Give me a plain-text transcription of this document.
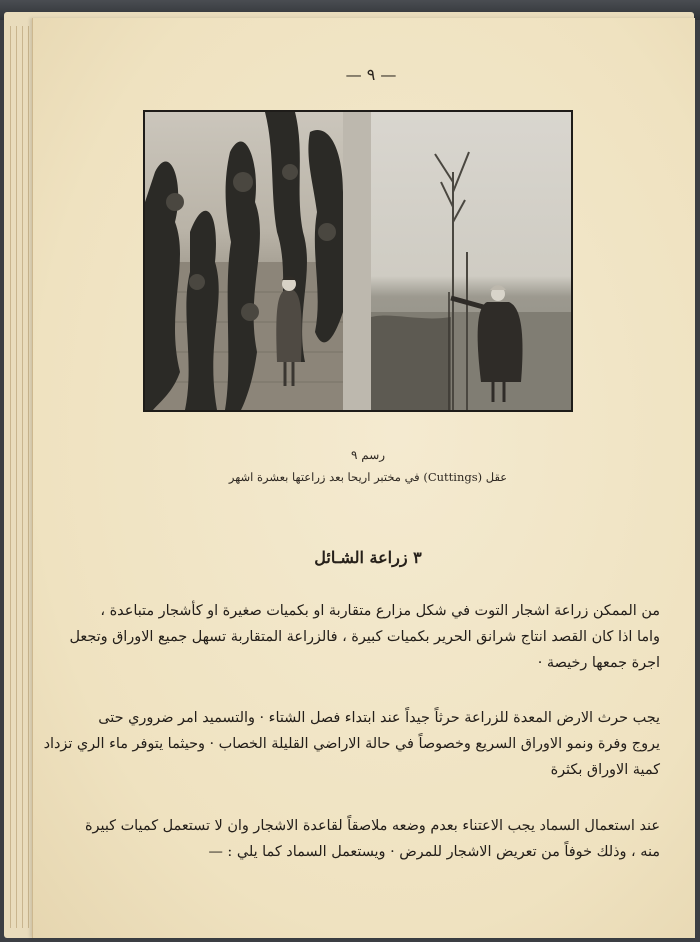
— ٩ —
رسم ٩
عقل (Cuttings) في مختبر اريحا بعد زراعتها بعشرة اشهر
٣ زراعة الشـائل
من الممكن زراعة اشجار التوت في شكل مزارع متقاربة او بكميات صغيرة او كأشجار متباعدة ،
واما اذا كان القصد انتاج شرانق الحرير بكميات كبيرة ، فالزراعة المتقاربة تسهل جميع الاوراق وتجعل
اجرة جمعها رخيصة ·
يجب حرث الارض المعدة للزراعة حرثاً جيداً عند ابتداء فصل الشتاء · والتسميد امر ضروري حتى
يروج وفرة ونمو الاوراق السريع وخصوصاً في حالة الاراضي القليلة الخصاب · وحيثما يتوفر ماء الري تزداد
كمية الاوراق بكثرة
عند استعمال السماد يجب الاعتناء بعدم وضعه ملاصقاً لقاعدة الاشجار وان لا تستعمل كميات كبيرة
منه ، وذلك خوفاً من تعريض الاشجار للمرض · ويستعمل السماد كما يلي : —
